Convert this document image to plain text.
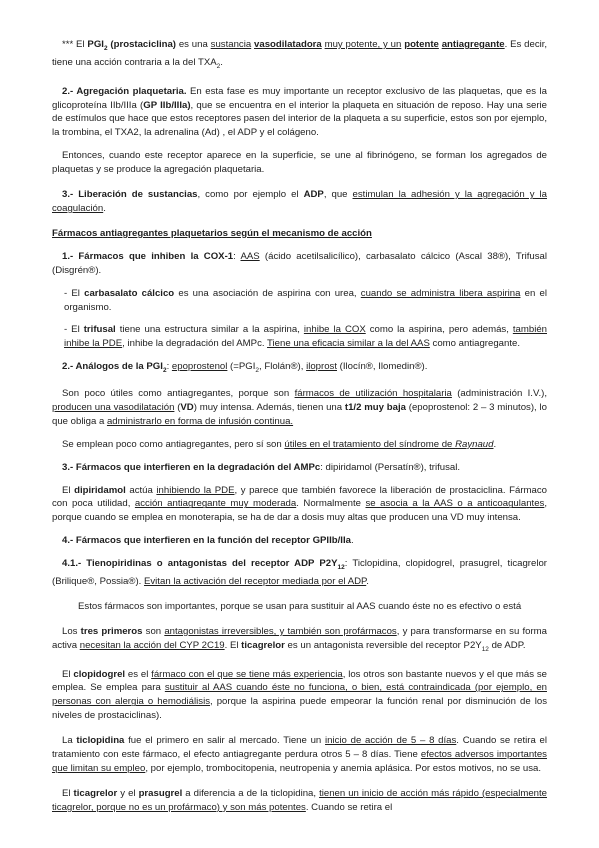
*** El $PGI_2$ (prostaciclina) es una sustancia vasodilatadora muy potente, y un potente antiagregante. Es decir, tiene una acción contraria a la del $TXA_2$.

2.- Agregación plaquetaria. En esta fase es muy importante un receptor exclusivo de las plaquetas, que es la glicoproteína IIb/IIIa (GP IIb/IIIa), que se encuentra en el interior la plaqueta en situación de reposo. Hay una serie de estímulos que hace que estos receptores pasen del interior de la plaqueta a su superficie, estos son por ejemplo, la trombina, el TXA2, la adrenalina (Ad) , el ADP y el colágeno.

Entonces, cuando este receptor aparece en la superficie, se une al fibrinógeno, se forman los agregados de plaquetas y se produce la agregación plaquetaria.

3.- Liberación de sustancias, como por ejemplo el ADP, que estimulan la adhesión y la agregación y la coagulación.

Fármacos antiagregantes plaquetarios según el mecanismo de acción

1.- Fármacos que inhiben la COX-1: AAS (ácido acetilsalicílico), carbasalato cálcico (Ascal 38®), Trifusal (Disgrén®).

- El carbasalato cálcico es una asociación de aspirina con urea, cuando se administra libera aspirina en el organismo.

- El trifusal tiene una estructura similar a la aspirina, inhibe la COX como la aspirina, pero además, también inhibe la PDE, inhibe la degradación del AMPc. Tiene una eficacia similar a la del AAS como antiagregante.

2.- Análogos de la $PGI_2$: epoprostenol ($=PGI_2$, Flolán®), iloprost (Ilocín®, Ilomedin®).

Son poco útiles como antiagregantes, porque son fármacos de utilización hospitalaria (administración I.V.), producen una vasodilatación (VD) muy intensa. Además, tienen una t1/2 muy baja (epoprostenol: 2 – 3 minutos), lo que obliga a administrarlo en forma de infusión continua.

Se emplean poco como antiagregantes, pero sí son útiles en el tratamiento del síndrome de Raynaud.

3.- Fármacos que interfieren en la degradación del AMPc: dipiridamol (Persatín®), trifusal.

El dipiridamol actúa inhibiendo la PDE, y parece que también favorece la liberación de prostaciclina. Fármaco con poca utilidad, acción antiagregante muy moderada. Normalmente se asocia a la AAS o a anticoagulantes, porque cuando se emplea en monoterapia, se ha de dar a dosis muy altas que producen una VD muy intensa.

4.- Fármacos que interfieren en la función del receptor GPIIb/IIa.

4.1.- Tienopiridinas o antagonistas del receptor ADP $P2Y_{12}$: Ticlopidina, clopidogrel, prasugrel, ticagrelor (Brilique®, Possia®). Evitan la activación del receptor mediada por el ADP.

Estos fármacos son importantes, porque se usan para sustituir al AAS cuando éste no es efectivo o está

Los tres primeros son antagonistas irreversibles, y también son profármacos, y para transformarse en su forma activa necesitan la acción del CYP 2C19. El ticagrelor es un antagonista reversible del receptor $P2Y_{12}$ de ADP.

El clopidogrel es el fármaco con el que se tiene más experiencia, los otros son bastante nuevos y el que más se emplea. Se emplea para sustituir al AAS cuando éste no funciona, o bien, está contraindicada (por ejemplo, en personas con alergia o hemodiálisis, porque la aspirina puede empeorar la función renal por disminución de los niveles de prostaciclinas).

La ticlopidina fue el primero en salir al mercado. Tiene un inicio de acción de 5 – 8 días. Cuando se retira el tratamiento con este fármaco, el efecto antiagregante perdura otros 5 – 8 días. Tiene efectos adversos importantes que limitan su empleo, por ejemplo, trombocitopenia, neutropenia y anemia aplásica. Por estos motivos, no se usa.

El ticagrelor y el prasugrel a diferencia a de la ticlopidina, tienen un inicio de acción más rápido (especialmente ticagrelor, porque no es un profármaco) y son más potentes. Cuando se retira el
